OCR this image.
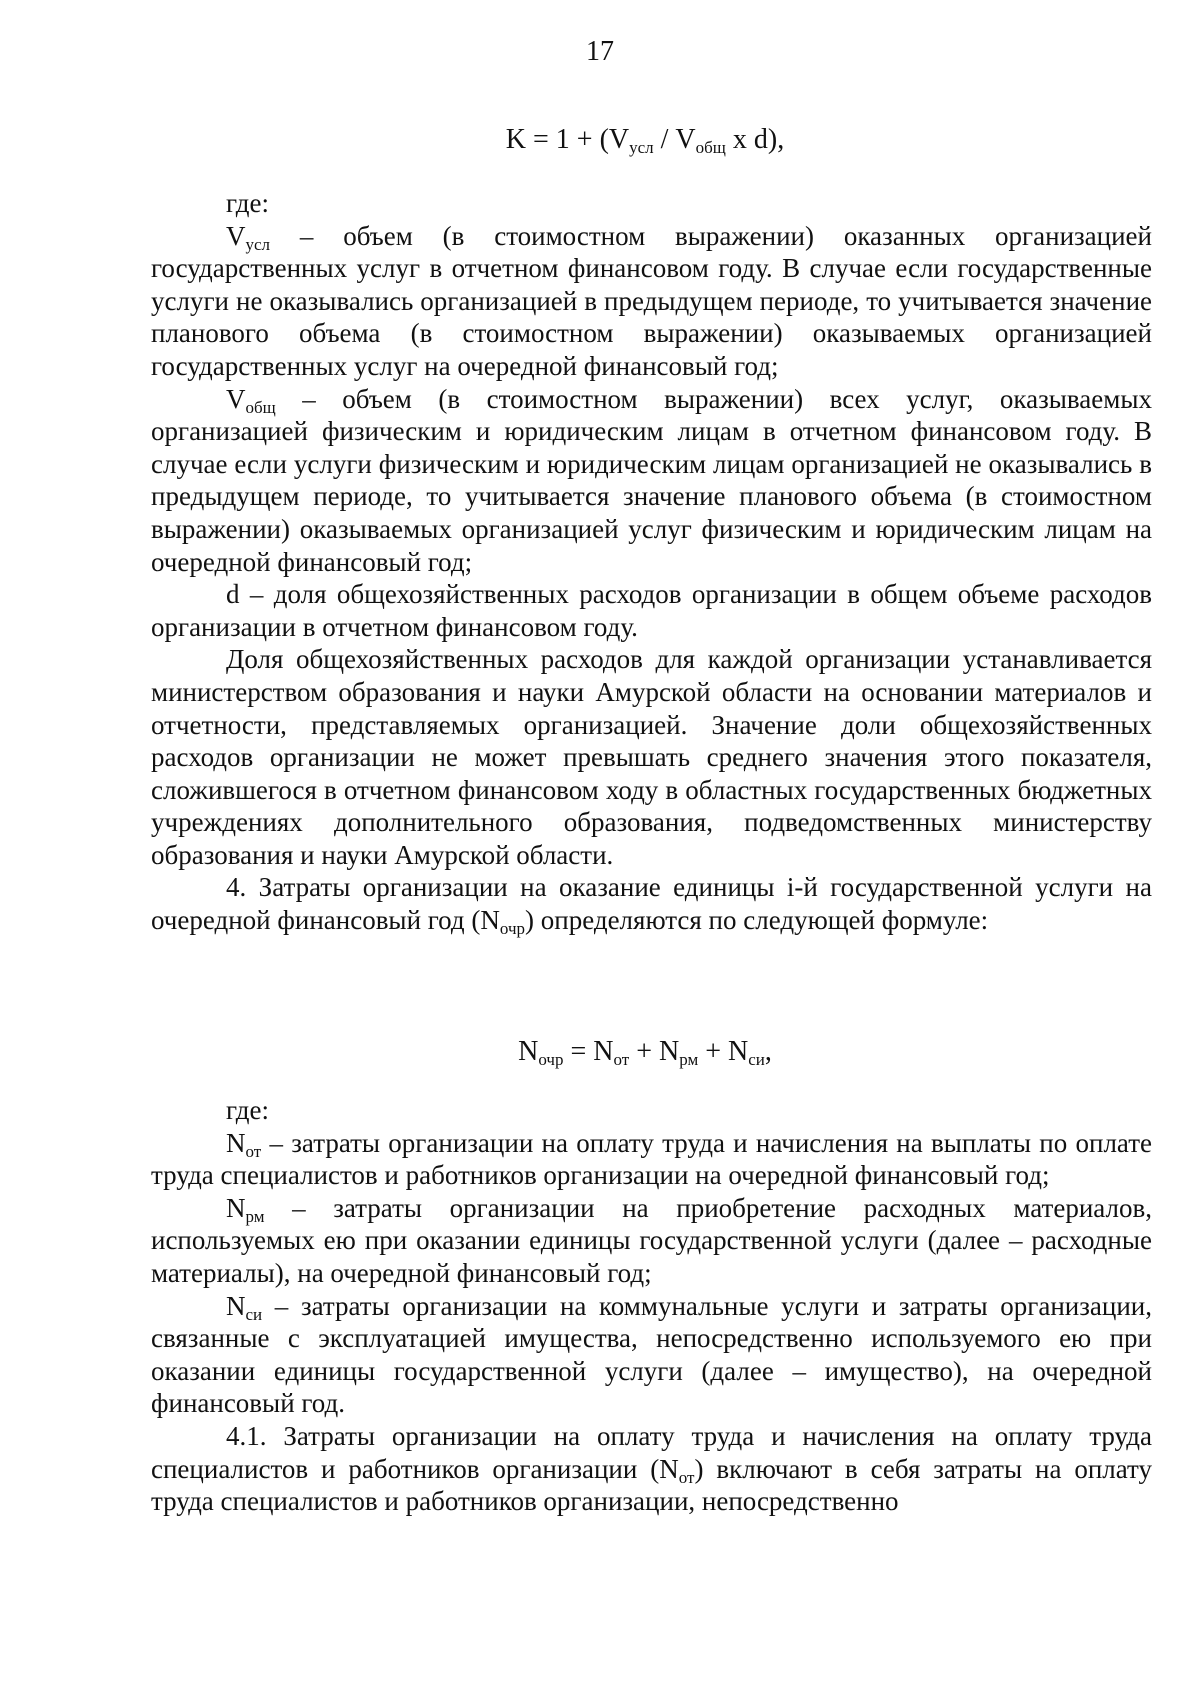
17
$K = 1 + (V_{усл} / V_{общ}$ x d),

где:

$V_{усл}$ – объем (в стоимостном выражении) оказанных организацией государственных услуг в отчетном финансовом году. В случае если государственные услуги не оказывались организацией в предыдущем периоде, то учитывается значение планового объема (в стоимостном выражении) оказываемых организацией государственных услуг на очередной финансовый год;

$V_{общ}$ – объем (в стоимостном выражении) всех услуг, оказываемых организацией физическим и юридическим лицам в отчетном финансовом году. В случае если услуги физическим и юридическим лицам организацией не оказывались в предыдущем периоде, то учитывается значение планового объема (в стоимостном выражении) оказываемых организацией услуг физическим и юридическим лицам на очередной финансовый год;

d – доля общехозяйственных расходов организации в общем объеме расходов организации в отчетном финансовом году.

Доля общехозяйственных расходов для каждой организации устанавливается министерством образования и науки Амурской области на основании материалов и отчетности, представляемых организацией. Значение доли общехозяйственных расходов организации не может превышать среднего значения этого показателя, сложившегося в отчетном финансовом ходу в областных государственных бюджетных учреждениях дополнительного образования, подведомственных министерству образования и науки Амурской области.

4. Затраты организации на оказание единицы i-й государственной услуги на очередной финансовый год $(N_{очр})$ определяются по следующей формуле:

$N_{очр} = N_{от} + N_{рм} + N_{си}$,

где:

$N_{от}$ – затраты организации на оплату труда и начисления на выплаты по оплате труда специалистов и работников организации на очередной финансовый год;

$N_{рм}$ – затраты организации на приобретение расходных материалов, используемых ею при оказании единицы государственной услуги (далее – расходные материалы), на очередной финансовый год;

$N_{си}$ – затраты организации на коммунальные услуги и затраты организации, связанные с эксплуатацией имущества, непосредственно используемого ею при оказании единицы государственной услуги (далее – имущество), на очередной финансовый год.

4.1. Затраты организации на оплату труда и начисления на оплату труда специалистов и работников организации $(N_{от})$ включают в себя затраты на оплату труда специалистов и работников организации, непосредственно
